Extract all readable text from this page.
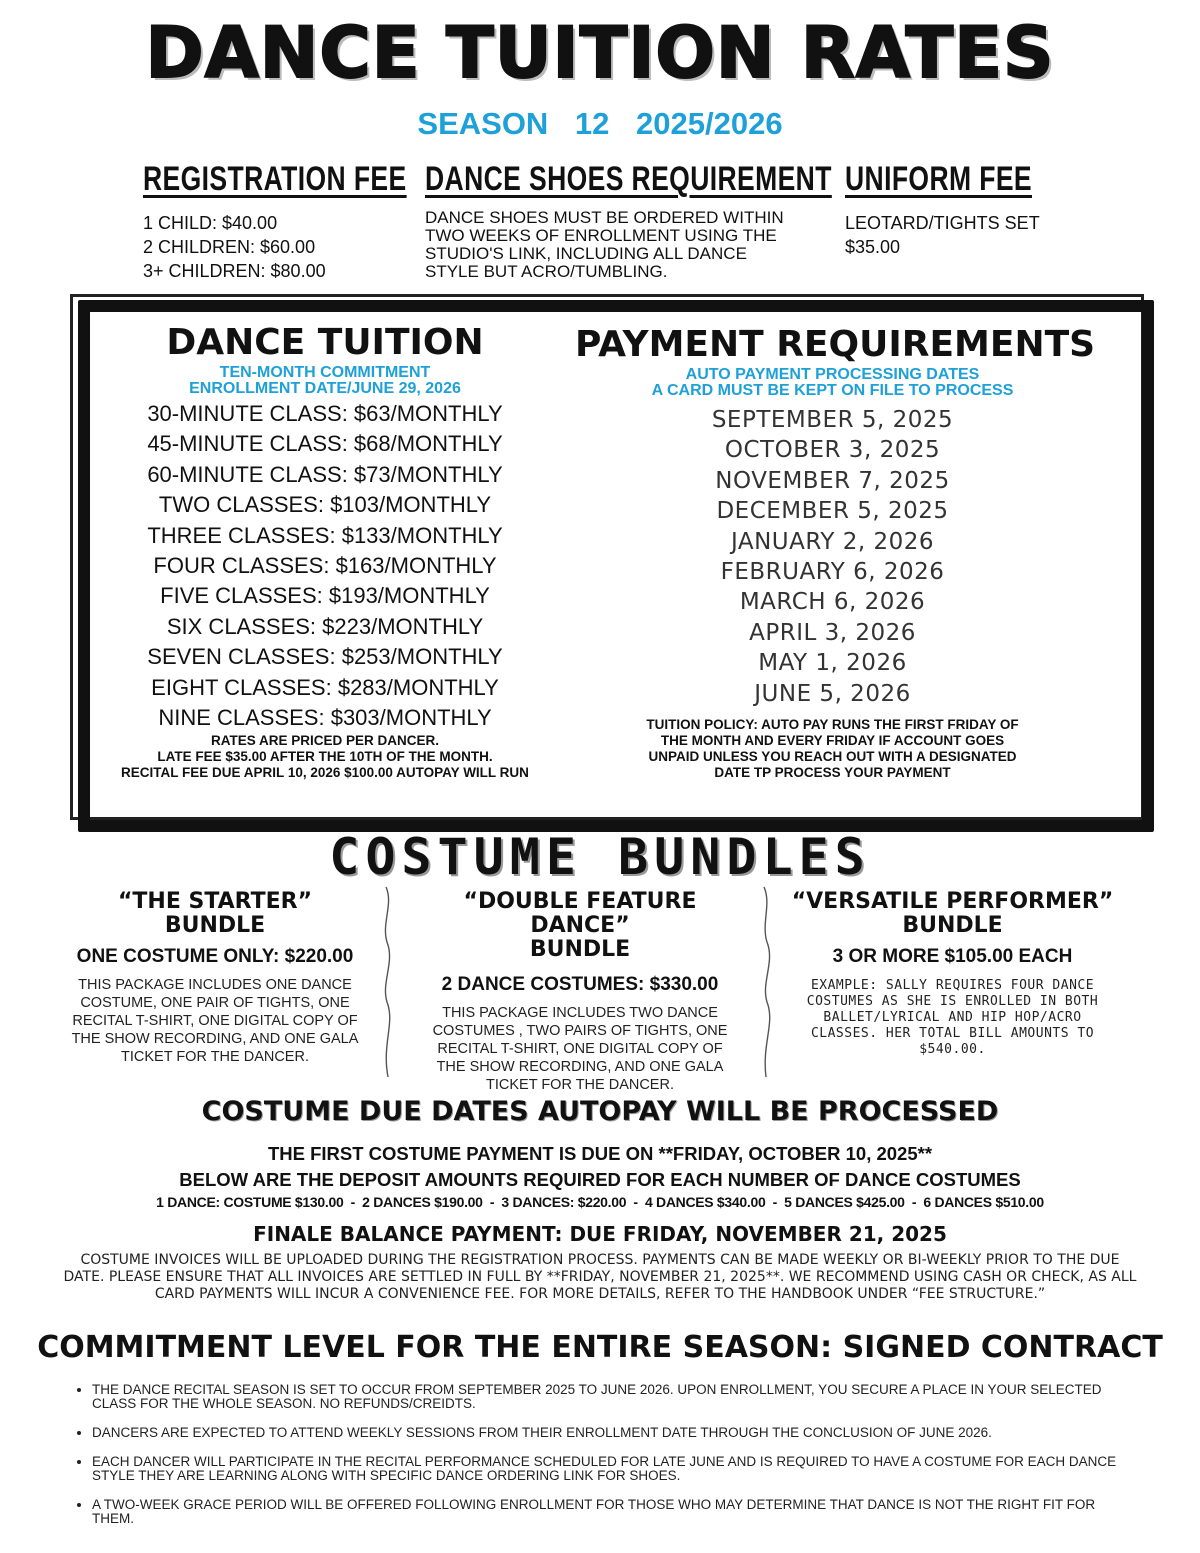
DANCE TUITION RATES
SEASON 12 2025/2026
REGISTRATION FEE
1 CHILD: $40.00
2 CHILDREN: $60.00
3+ CHILDREN: $80.00
DANCE SHOES REQUIREMENT
DANCE SHOES MUST BE ORDERED WITHIN
TWO WEEKS OF ENROLLMENT USING THE
STUDIO'S LINK, INCLUDING ALL DANCE
STYLE BUT ACRO/TUMBLING.
UNIFORM FEE
LEOTARD/TIGHTS SET
$35.00
DANCE TUITION
TEN-MONTH COMMITMENT
ENROLLMENT DATE/JUNE 29, 2026
30-MINUTE CLASS: $63/MONTHLY
45-MINUTE CLASS: $68/MONTHLY
60-MINUTE CLASS: $73/MONTHLY
TWO CLASSES: $103/MONTHLY
THREE CLASSES: $133/MONTHLY
FOUR CLASSES: $163/MONTHLY
FIVE CLASSES: $193/MONTHLY
SIX CLASSES: $223/MONTHLY
SEVEN CLASSES: $253/MONTHLY
EIGHT CLASSES: $283/MONTHLY
NINE CLASSES: $303/MONTHLY
RATES ARE PRICED PER DANCER.
LATE FEE $35.00 AFTER THE 10TH OF THE MONTH.
RECITAL FEE DUE APRIL 10, 2026 $100.00 AUTOPAY WILL RUN
PAYMENT REQUIREMENTS
AUTO PAYMENT PROCESSING DATES
A CARD MUST BE KEPT ON FILE TO PROCESS
SEPTEMBER 5, 2025
OCTOBER 3, 2025
NOVEMBER 7, 2025
DECEMBER 5, 2025
JANUARY 2, 2026
FEBRUARY 6, 2026
MARCH 6, 2026
APRIL 3, 2026
MAY 1, 2026
JUNE 5, 2026
TUITION POLICY: AUTO PAY RUNS THE FIRST FRIDAY OF
THE MONTH AND EVERY FRIDAY IF ACCOUNT GOES
UNPAID UNLESS YOU REACH OUT WITH A DESIGNATED
DATE TP PROCESS YOUR PAYMENT
COSTUME BUNDLES
“THE STARTER”
BUNDLE
ONE COSTUME ONLY: $220.00
THIS PACKAGE INCLUDES ONE DANCE COSTUME, ONE PAIR OF TIGHTS, ONE RECITAL T-SHIRT, ONE DIGITAL COPY OF THE SHOW RECORDING, AND ONE GALA TICKET FOR THE DANCER.
“DOUBLE FEATURE DANCE”
BUNDLE
2 DANCE COSTUMES: $330.00
THIS PACKAGE INCLUDES TWO DANCE COSTUMES , TWO PAIRS OF TIGHTS, ONE RECITAL T-SHIRT, ONE DIGITAL COPY OF THE SHOW RECORDING, AND ONE GALA TICKET FOR THE DANCER.
“VERSATILE PERFORMER”
BUNDLE
3 OR MORE $105.00 EACH
EXAMPLE: SALLY REQUIRES FOUR DANCE COSTUMES AS SHE IS ENROLLED IN BOTH BALLET/LYRICAL AND HIP HOP/ACRO CLASSES. HER TOTAL BILL AMOUNTS TO $540.00.
COSTUME DUE DATES AUTOPAY WILL BE PROCESSED
THE FIRST COSTUME PAYMENT IS DUE ON **FRIDAY, OCTOBER 10, 2025**
BELOW ARE THE DEPOSIT AMOUNTS REQUIRED FOR EACH NUMBER OF DANCE COSTUMES
1 DANCE: COSTUME $130.00  -  2 DANCES $190.00  -  3 DANCES: $220.00  -  4 DANCES $340.00  -  5 DANCES $425.00  -  6 DANCES $510.00
FINALE BALANCE PAYMENT: DUE FRIDAY, NOVEMBER 21, 2025
COSTUME INVOICES WILL BE UPLOADED DURING THE REGISTRATION PROCESS. PAYMENTS CAN BE MADE WEEKLY OR BI-WEEKLY PRIOR TO THE DUE DATE. PLEASE ENSURE THAT ALL INVOICES ARE SETTLED IN FULL BY **FRIDAY, NOVEMBER 21, 2025**. WE RECOMMEND USING CASH OR CHECK, AS ALL CARD PAYMENTS WILL INCUR A CONVENIENCE FEE. FOR MORE DETAILS, REFER TO THE HANDBOOK UNDER “FEE STRUCTURE.”
COMMITMENT LEVEL FOR THE ENTIRE SEASON: SIGNED CONTRACT
• THE DANCE RECITAL SEASON IS SET TO OCCUR FROM SEPTEMBER 2025 TO JUNE 2026. UPON ENROLLMENT, YOU SECURE A PLACE IN YOUR SELECTED CLASS FOR THE WHOLE SEASON. NO REFUNDS/CREIDTS.
• DANCERS ARE EXPECTED TO ATTEND WEEKLY SESSIONS FROM THEIR ENROLLMENT DATE THROUGH THE CONCLUSION OF JUNE 2026.
• EACH DANCER WILL PARTICIPATE IN THE RECITAL PERFORMANCE SCHEDULED FOR LATE JUNE AND IS REQUIRED TO HAVE A COSTUME FOR EACH DANCE STYLE THEY ARE LEARNING ALONG WITH SPECIFIC DANCE ORDERING LINK FOR SHOES.
• A TWO-WEEK GRACE PERIOD WILL BE OFFERED FOLLOWING ENROLLMENT FOR THOSE WHO MAY DETERMINE THAT DANCE IS NOT THE RIGHT FIT FOR THEM.
